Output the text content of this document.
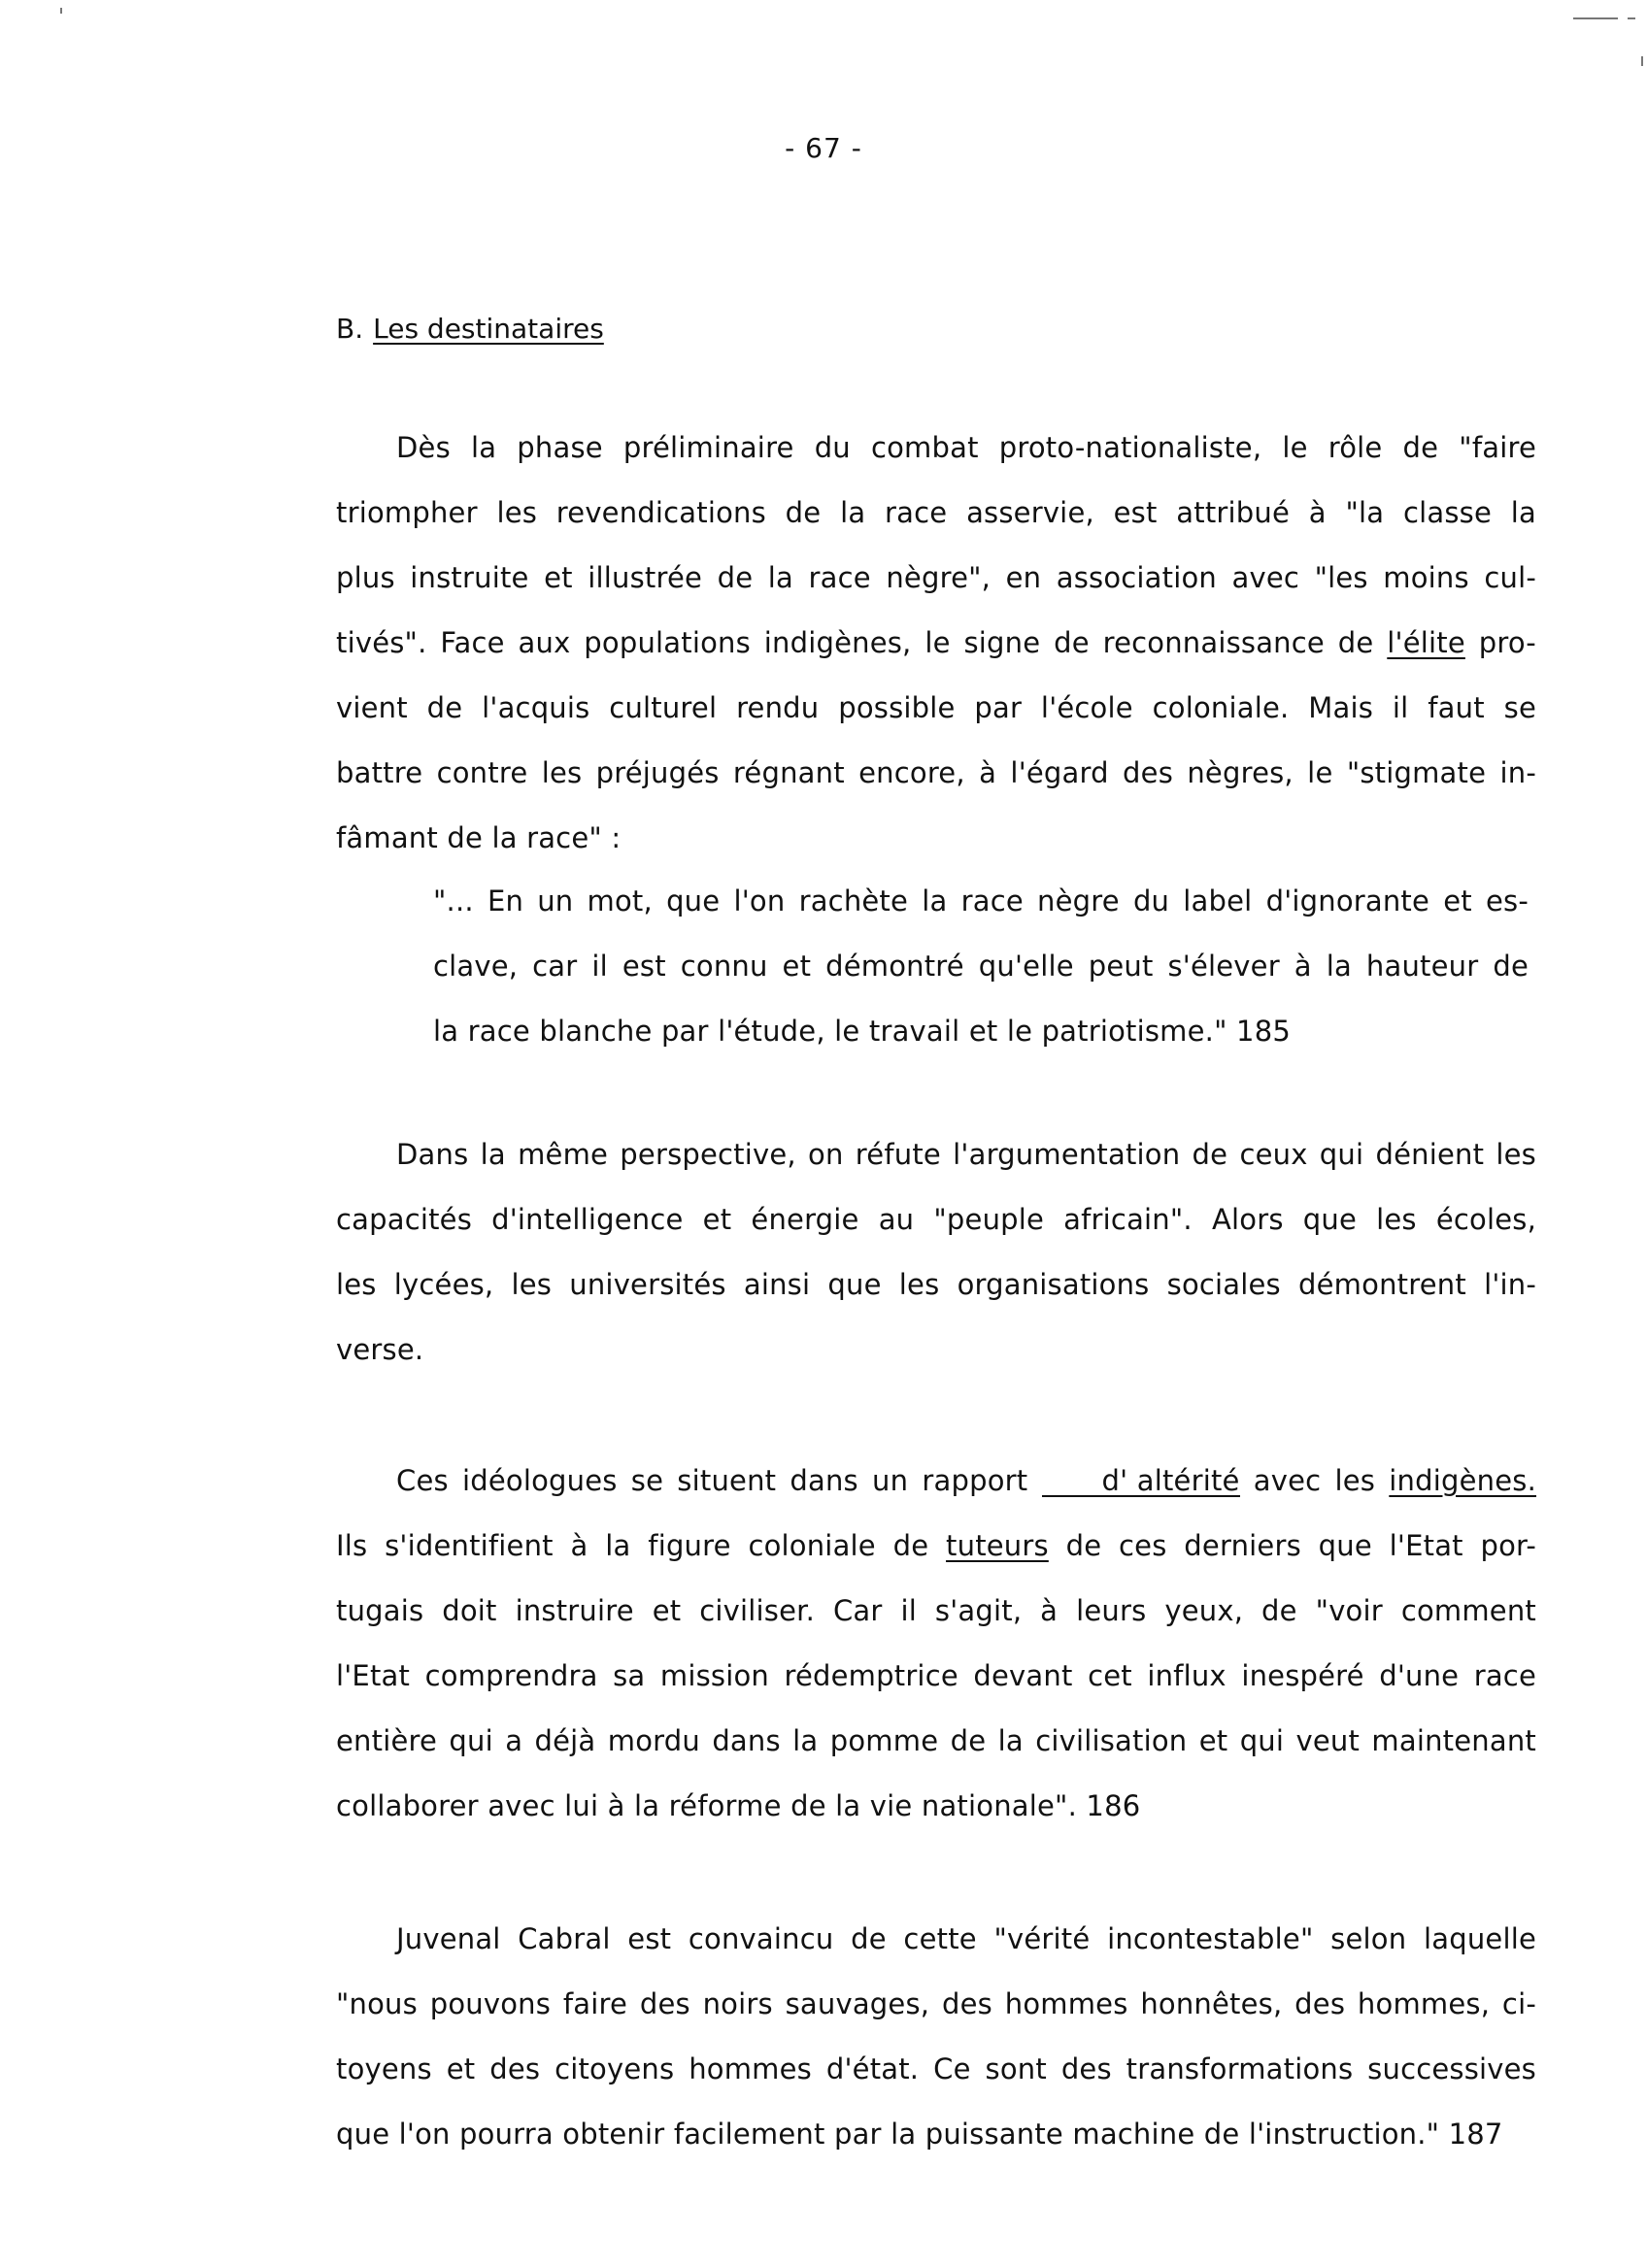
- 67 -
B. Les destinataires
Dès la phase préliminaire du combat proto-nationaliste, le rôle de "faire
triompher les revendications de la race asservie, est attribué à "la classe la
plus instruite et illustrée de la race nègre", en association avec "les moins cul-
tivés". Face aux populations indigènes, le signe de reconnaissance de l'élite pro-
vient de l'acquis culturel rendu possible par l'école coloniale. Mais il faut se
battre contre les préjugés régnant encore, à l'égard des nègres, le "stigmate in-
fâmant de la race" :
"... En un mot, que l'on rachète la race nègre du label d'ignorante et es-
clave, car il est connu et démontré qu'elle peut s'élever à la hauteur de
la race blanche par l'étude, le travail et le patriotisme." 185
Dans la même perspective, on réfute l'argumentation de ceux qui dénient les
capacités d'intelligence et énergie au "peuple africain". Alors que les écoles,
les lycées, les universités ainsi que les organisations sociales démontrent l'in-
verse.
Ces idéologues se situent dans un rapport d' altérité avec les indigènes.
Ils s'identifient à la figure coloniale de tuteurs de ces derniers que l'Etat por-
tugais doit instruire et civiliser. Car il s'agit, à leurs yeux, de "voir comment
l'Etat comprendra sa mission rédemptrice devant cet influx inespéré d'une race
entière qui a déjà mordu dans la pomme de la civilisation et qui veut maintenant
collaborer avec lui à la réforme de la vie nationale". 186
Juvenal Cabral est convaincu de cette "vérité incontestable" selon laquelle
"nous pouvons faire des noirs sauvages, des hommes honnêtes, des hommes, ci-
toyens et des citoyens hommes d'état. Ce sont des transformations successives
que l'on pourra obtenir facilement par la puissante machine de l'instruction." 187
